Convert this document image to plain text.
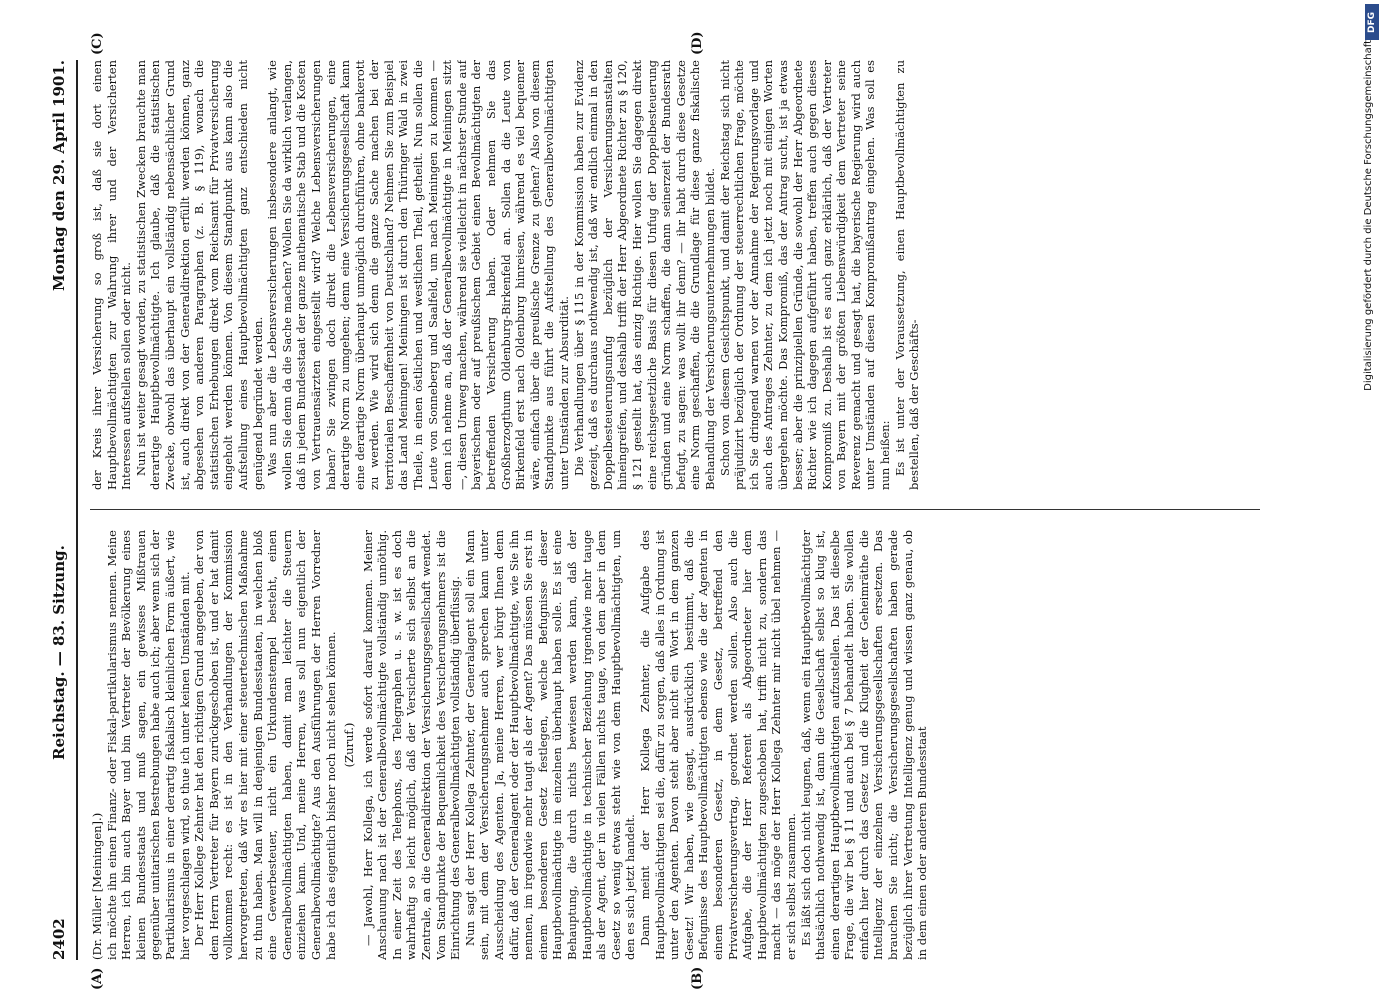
2402
Reichstag. — 83. Sitzung.
Montag den 29. April 1901.

(Dr. Müller [Meiningen].) ich möchte ihn einen Finanz- oder Fiskal-partikularismus nennen. Meine Herren, ich bin auch Bayer und bin Vertreter der Bevölkerung eines kleinen Bundesstaats und muß sagen, ein gewisses Mißtrauen gegenüber unitarischen Bestrebungen habe auch ich; aber wenn sich der Partikularismus in einer derartig fiskalisch kleinlichen Form äußert, wie hier vorgeschlagen wird, so thue ich unter keinen Umständen mit. Der Herr Kollege Zehnter hat den richtigen Grund angegeben, der von dem Herrn Vertreter für Bayern zurückgeschoben ist, und er hat damit vollkommen recht: es ist in den Verhandlungen der Kommission hervorgetreten, daß wir es hier mit einer steuertechnischen Maßnahme zu thun haben. Man will in denjenigen Bundesstaaten, in welchen bloß eine Gewerbesteuer, nicht ein Urkundenstempel besteht, einen Generalbevollmächtigten haben, damit man leichter die Steuern einziehen kann. Und, meine Herren, was soll nun eigentlich der Generalbevollmächtigte? Aus den Ausführungen der Herren Vorredner habe ich das eigentlich bisher noch nicht sehen können. (Zuruf.) — Jawohl, Herr Kollega, ich werde sofort darauf kommen. Meiner Anschauung nach ist der Generalbevollmächtigte vollständig unnöthig. In einer Zeit des Telephons, des Telegraphen u. s. w. ist es doch wahrhaftig so leicht möglich, daß der Versicherte sich selbst an die Zentrale, an die Generaldirektion der Versicherungsgesellschaft wendet. Vom Standpunkte der Bequemlichkeit des Versicherungsnehmers ist die Einrichtung des Generalbevollmächtigten vollständig überflüssig. Nun sagt der Herr Kollega Zehnter, der Generalagent soll ein Mann sein, mit dem der Versicherungsnehmer auch sprechen kann unter Ausscheidung des Agenten. Ja, meine Herren, wer bürgt Ihnen denn dafür, daß der Generalagent oder der Hauptbevollmächtigte, wie Sie ihn nennen, im irgendwie mehr taugt als der Agent? Das müssen Sie erst in einem besonderen Gesetz festlegen, welche Befugnisse dieser Hauptbevollmächtigte im einzelnen überhaupt haben solle. Es ist eine Behauptung, die durch nichts bewiesen werden kann, daß der Hauptbevollmächtigte in technischer Beziehung irgendwie mehr tauge als der Agent, der in vielen Fällen nichts tauge, von dem aber in dem Gesetz so wenig etwas steht wie von dem Hauptbevollmächtigten, um den es sich jetzt handelt. Dann meint der Herr Kollega Zehnter, die Aufgabe des Hauptbevollmächtigten sei die, dafür zu sorgen, daß alles in Ordnung ist unter den Agenten. Davon steht aber nicht ein Wort in dem ganzen Gesetz! Wir haben, wie gesagt, ausdrücklich bestimmt, daß die Befugnisse des Hauptbevollmächtigten ebenso wie die der Agenten in einem besonderen Gesetz, in dem Gesetz, betreffend den Privatversicherungsvertrag, geordnet werden sollen. Also auch die Aufgabe, die der Herr Referent als Abgeordneter hier dem Hauptbevollmächtigten zugeschoben hat, trifft nicht zu, sondern das macht — das möge der Herr Kollega Zehnter mir nicht übel nehmen — er sich selbst zusammen. Es läßt sich doch nicht leugnen, daß, wenn ein Hauptbevollmächtigter thatsächlich nothwendig ist, dann die Gesellschaft selbst so klug ist, einen derartigen Hauptbevollmächtigten aufzustellen. Das ist dieselbe Frage, die wir bei § 11 und auch bei § 7 behandelt haben. Sie wollen einfach hier durch das Gesetz und die Klugheit der Geheimräthe die Intelligenz der einzelnen Versicherungsgesellschaften ersetzen. Das brauchen Sie nicht; die Versicherungsgesellschaften haben gerade bezüglich ihrer Vertretung Intelligenz genug und wissen ganz genau, ob in dem einen oder anderen Bundesstaat

der Kreis ihrer Versicherung so groß ist, daß sie dort einen Hauptbevollmächtigten zur Wahrung ihrer und der Versicherten Interessen aufstellen sollen oder nicht. Nun ist weiter gesagt worden, zu statistischen Zwecken brauchte man derartige Hauptbevollmächtigte. Ich glaube, daß die statistischen Zwecke, obwohl das überhaupt ein vollständig nebensächlicher Grund ist, auch direkt von der Generaldirektion erfüllt werden können, ganz abgesehen von anderen Paragraphen (z. B. § 119), wonach die statistischen Erhebungen direkt vom Reichsamt für Privatversicherung eingeholt werden können. Von diesem Standpunkt aus kann also die Aufstellung eines Hauptbevollmächtigten ganz entschieden nicht genügend begründet werden. Was nun aber die Lebensversicherungen insbesondere anlangt, wie wollen Sie denn da die Sache machen? Wollen Sie da wirklich verlangen, daß in jedem Bundesstaat der ganze mathematische Stab und die Kosten von Vertrauensärzten eingestellt wird? Welche Lebensversicherungen haben? Sie zwingen doch direkt die Lebensversicherungen, eine derartige Norm zu umgehen; denn eine Versicherungsgesellschaft kann eine derartige Norm überhaupt unmöglich durchführen, ohne bankerott zu werden. Wie wird sich denn die ganze Sache machen bei der territorialen Beschaffenheit von Deutschland? Nehmen Sie zum Beispiel das Land Meiningen! Meiningen ist durch den Thüringer Wald in zwei Theile, in einen östlichen und westlichen Theil, getheilt. Nun sollen die Leute von Sonneberg und Saalfeld, um nach Meiningen zu kommen — denn ich nehme an, daß der Generalbevollmächtigte in Meiningen sitzt —, diesen Umweg machen, während sie vielleicht in nächster Stunde auf bayerischem oder auf preußischem Gebiet einen Bevollmächtigten der betreffenden Versicherung haben. Oder nehmen Sie das Großherzogthum Oldenburg-Birkenfeld an. Sollen da die Leute von Birkenfeld erst nach Oldenburg hinreisen, während es viel bequemer wäre, einfach über die preußische Grenze zu gehen? Also von diesem Standpunkte aus führt die Aufstellung des Generalbevollmächtigten unter Umständen zur Absurdität. Die Verhandlungen über § 115 in der Kommission haben zur Evidenz gezeigt, daß es durchaus nothwendig ist, daß wir endlich einmal in den Doppelbesteuerungsunfug bezüglich der Versicherungsanstalten hineingreifen, und deshalb trifft der Herr Abgeordnete Richter zu § 120, § 121 gestellt hat, das einzig Richtige. Hier wollen Sie dagegen direkt eine reichsgesetzliche Basis für diesen Unfug der Doppelbesteuerung gründen und eine Norm schaffen, die dann seinerzeit der Bundesrath befugt, zu sagen: was wollt ihr denn? — ihr habt durch diese Gesetze eine Norm geschaffen, die die Grundlage für diese ganze fiskalische Behandlung der Versicherungsunternehmungen bildet. Schon von diesem Gesichtspunkt, und damit der Reichstag sich nicht präjudizirt bezüglich der Ordnung der steuerrechtlichen Frage, möchte ich Sie dringend warnen vor der Annahme der Regierungsvorlage und auch des Antrages Zehnter, zu dem ich jetzt noch mit einigen Worten übergehen möchte. Das Kompromiß, das der Antrag sucht, ist ja etwas besser; aber die prinzipiellen Gründe, die sowohl der Herr Abgeordnete Richter wie ich dagegen aufgeführt haben, treffen auch gegen dieses Kompromiß zu. Deshalb ist es auch ganz erklärlich, daß der Vertreter von Bayern mit der größten Liebenswürdigkeit dem Vertreter seine Reverenz gemacht und gesagt hat, die bayerische Regierung wird auch unter Umständen auf diesen Kompromißantrag eingehen. Was soll es nun heißen: Es ist unter der Voraussetzung, einen Hauptbevollmächtigten zu bestellen, daß der Geschäfts-

(A)	(B)
(C)	(D)	Digitalisierung gefördert durch die Deutsche Forschungsgemeinschaft
DFG
